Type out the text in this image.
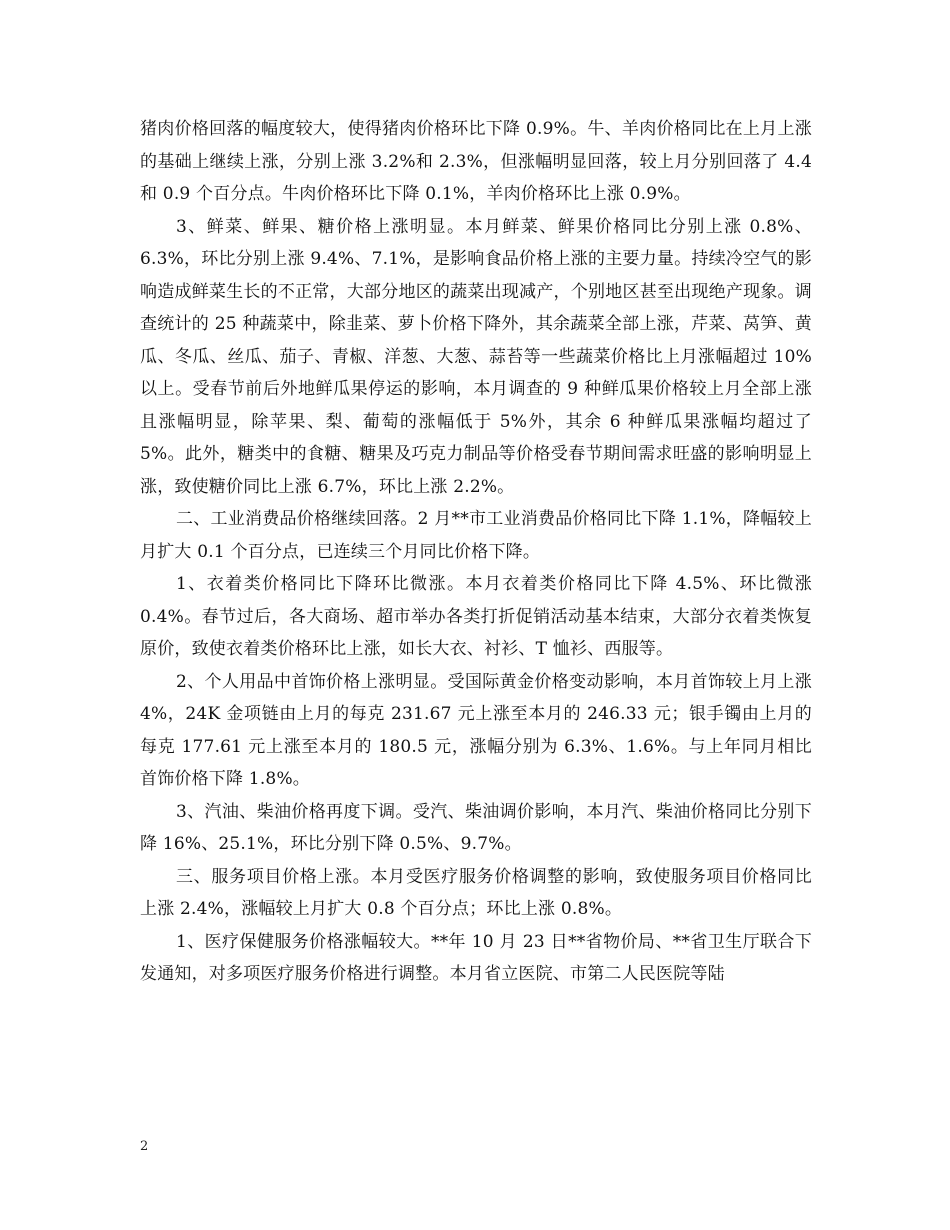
猪肉价格回落的幅度较大，使得猪肉价格环比下降 0.9%。牛、羊肉价格同比在上月上涨的基础上继续上涨，分别上涨 3.2%和 2.3%，但涨幅明显回落，较上月分别回落了 4.4 和 0.9 个百分点。牛肉价格环比下降 0.1%，羊肉价格环比上涨 0.9%。

3、鲜菜、鲜果、糖价格上涨明显。本月鲜菜、鲜果价格同比分别上涨 0.8%、6.3%，环比分别上涨 9.4%、7.1%，是影响食品价格上涨的主要力量。持续冷空气的影响造成鲜菜生长的不正常，大部分地区的蔬菜出现减产，个别地区甚至出现绝产现象。调查统计的 25 种蔬菜中，除韭菜、萝卜价格下降外，其余蔬菜全部上涨，芹菜、莴笋、黄瓜、冬瓜、丝瓜、茄子、青椒、洋葱、大葱、蒜苔等一些蔬菜价格比上月涨幅超过 10%以上。受春节前后外地鲜瓜果停运的影响，本月调查的 9 种鲜瓜果价格较上月全部上涨且涨幅明显，除苹果、梨、葡萄的涨幅低于 5%外，其余 6 种鲜瓜果涨幅均超过了 5%。此外，糖类中的食糖、糖果及巧克力制品等价格受春节期间需求旺盛的影响明显上涨，致使糖价同比上涨 6.7%，环比上涨 2.2%。

二、工业消费品价格继续回落。2 月**市工业消费品价格同比下降 1.1%，降幅较上月扩大 0.1 个百分点，已连续三个月同比价格下降。

1、衣着类价格同比下降环比微涨。本月衣着类价格同比下降 4.5%、环比微涨 0.4%。春节过后，各大商场、超市举办各类打折促销活动基本结束，大部分衣着类恢复原价，致使衣着类价格环比上涨，如长大衣、衬衫、T 恤衫、西服等。

2、个人用品中首饰价格上涨明显。受国际黄金价格变动影响，本月首饰较上月上涨 4%，24K 金项链由上月的每克 231.67 元上涨至本月的 246.33 元；银手镯由上月的每克 177.61 元上涨至本月的 180.5 元，涨幅分别为 6.3%、1.6%。与上年同月相比首饰价格下降 1.8%。

3、汽油、柴油价格再度下调。受汽、柴油调价影响，本月汽、柴油价格同比分别下降 16%、25.1%，环比分别下降 0.5%、9.7%。

三、服务项目价格上涨。本月受医疗服务价格调整的影响，致使服务项目价格同比上涨 2.4%，涨幅较上月扩大 0.8 个百分点；环比上涨 0.8%。

1、医疗保健服务价格涨幅较大。**年 10 月 23 日**省物价局、**省卫生厅联合下发通知，对多项医疗服务价格进行调整。本月省立医院、市第二人民医院等陆

2
